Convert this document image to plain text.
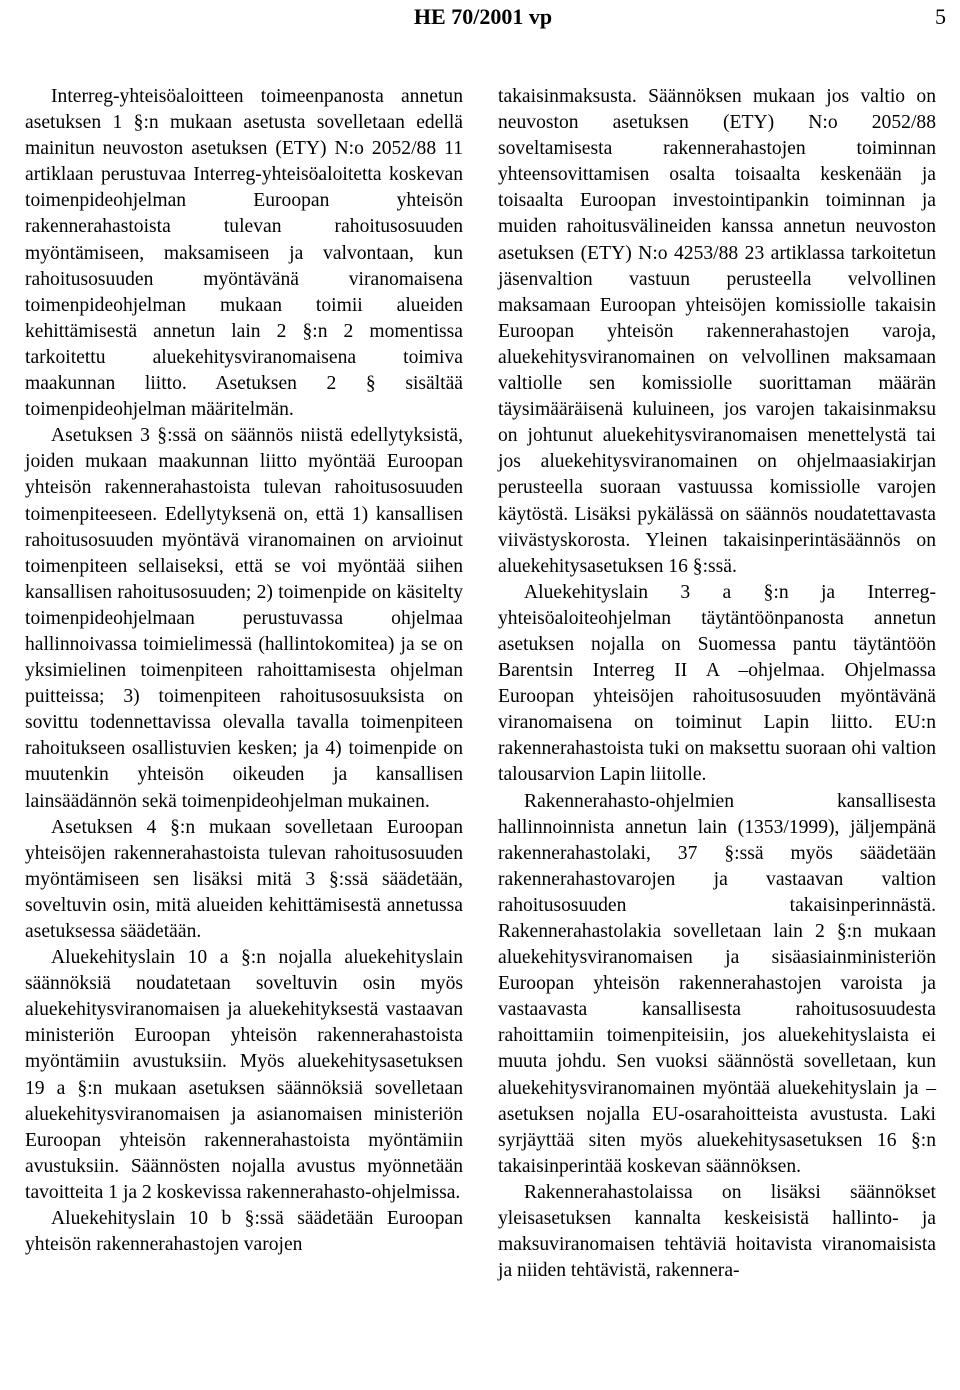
HE 70/2001 vp	5

Interreg-yhteisöaloitteen toimeenpanosta annetun asetuksen 1 §:n mukaan asetusta sovelletaan edellä mainitun neuvoston asetuksen (ETY) N:o 2052/88 11 artiklaan perustuvaa Interreg-yhteisöaloitetta koskevan toimenpideohjelman Euroopan yhteisön rakennerahastoista tulevan rahoitusosuuden myöntämiseen, maksamiseen ja valvontaan, kun rahoitusosuuden myöntävänä viranomaisena toimenpideohjelman mukaan toimii alueiden kehittämisestä annetun lain 2 §:n 2 momentissa tarkoitettu aluekehitysviranomaisena toimiva maakunnan liitto. Asetuksen 2 § sisältää toimenpideohjelman määritelmän.

Asetuksen 3 §:ssä on säännös niistä edellytyksistä, joiden mukaan maakunnan liitto myöntää Euroopan yhteisön rakennerahastoista tulevan rahoitusosuuden toimenpiteeseen. Edellytyksenä on, että 1) kansallisen rahoitusosuuden myöntävä viranomainen on arvioinut toimenpiteen sellaiseksi, että se voi myöntää siihen kansallisen rahoitusosuuden; 2) toimenpide on käsitelty toimenpideohjelmaan perustuvassa ohjelmaa hallinnoivassa toimielimessä (hallintokomitea) ja se on yksimielinen toimenpiteen rahoittamisesta ohjelman puitteissa; 3) toimenpiteen rahoitusosuuksista on sovittu todennettavissa olevalla tavalla toimenpiteen rahoitukseen osallistuvien kesken; ja 4) toimenpide on muutenkin yhteisön oikeuden ja kansallisen lainsäädännön sekä toimenpideohjelman mukainen.

Asetuksen 4 §:n mukaan sovelletaan Euroopan yhteisöjen rakennerahastoista tulevan rahoitusosuuden myöntämiseen sen lisäksi mitä 3 §:ssä säädetään, soveltuvin osin, mitä alueiden kehittämisestä annetussa asetuksessa säädetään.

Aluekehityslain 10 a §:n nojalla aluekehityslain säännöksiä noudatetaan soveltuvin osin myös aluekehitysviranomaisen ja aluekehityksestä vastaavan ministeriön Euroopan yhteisön rakennerahastoista myöntämiin avustuksiin. Myös aluekehitysasetuksen 19 a §:n mukaan asetuksen säännöksiä sovelletaan aluekehitysviranomaisen ja asianomaisen ministeriön Euroopan yhteisön rakennerahastoista myöntämiin avustuksiin. Säännösten nojalla avustus myönnetään tavoitteita 1 ja 2 koskevissa rakennerahasto-ohjelmissa.

Aluekehityslain 10 b §:ssä säädetään Euroopan yhteisön rakennerahastojen varojen

takaisinmaksusta. Säännöksen mukaan jos valtio on neuvoston asetuksen (ETY) N:o 2052/88 soveltamisesta rakennerahastojen toiminnan yhteensovittamisen osalta toisaalta keskenään ja toisaalta Euroopan investointipankin toiminnan ja muiden rahoitusvälineiden kanssa annetun neuvoston asetuksen (ETY) N:o 4253/88 23 artiklassa tarkoitetun jäsenvaltion vastuun perusteella velvollinen maksamaan Euroopan yhteisöjen komissiolle takaisin Euroopan yhteisön rakennerahastojen varoja, aluekehitysviranomainen on velvollinen maksamaan valtiolle sen komissiolle suorittaman määrän täysimääräisenä kuluineen, jos varojen takaisinmaksu on johtunut aluekehitysviranomaisen menettelystä tai jos aluekehitysviranomainen on ohjelmaasiakirjan perusteella suoraan vastuussa komissiolle varojen käytöstä. Lisäksi pykälässä on säännös noudatettavasta viivästyskorosta. Yleinen takaisinperintäsäännös on aluekehitysasetuksen 16 §:ssä.

Aluekehityslain 3 a §:n ja Interreg-yhteisöaloiteohjelman täytäntöönpanosta annetun asetuksen nojalla on Suomessa pantu täytäntöön Barentsin Interreg II A –ohjelmaa. Ohjelmassa Euroopan yhteisöjen rahoitusosuuden myöntävänä viranomaisena on toiminut Lapin liitto. EU:n rakennerahastoista tuki on maksettu suoraan ohi valtion talousarvion Lapin liitolle.

Rakennerahasto-ohjelmien kansallisesta hallinnoinnista annetun lain (1353/1999), jäljempänä rakennerahastolaki, 37 §:ssä myös säädetään rakennerahastovarojen ja vastaavan valtion rahoitusosuuden takaisinperinnästä. Rakennerahastolakia sovelletaan lain 2 §:n mukaan aluekehitysviranomaisen ja sisäasiainministeriön Euroopan yhteisön rakennerahastojen varoista ja vastaavasta kansallisesta rahoitusosuudesta rahoittamiin toimenpiteisiin, jos aluekehityslaista ei muuta johdu. Sen vuoksi säännöstä sovelletaan, kun aluekehitysviranomainen myöntää aluekehityslain ja –asetuksen nojalla EU-osarahoitteista avustusta. Laki syrjäyttää siten myös aluekehitysasetuksen 16 §:n takaisinperintää koskevan säännöksen.

Rakennerahastolaissa on lisäksi säännökset yleisasetuksen kannalta keskeisistä hallinto- ja maksuviranomaisen tehtäviä hoitavista viranomaisista ja niiden tehtävistä, rakennera-
